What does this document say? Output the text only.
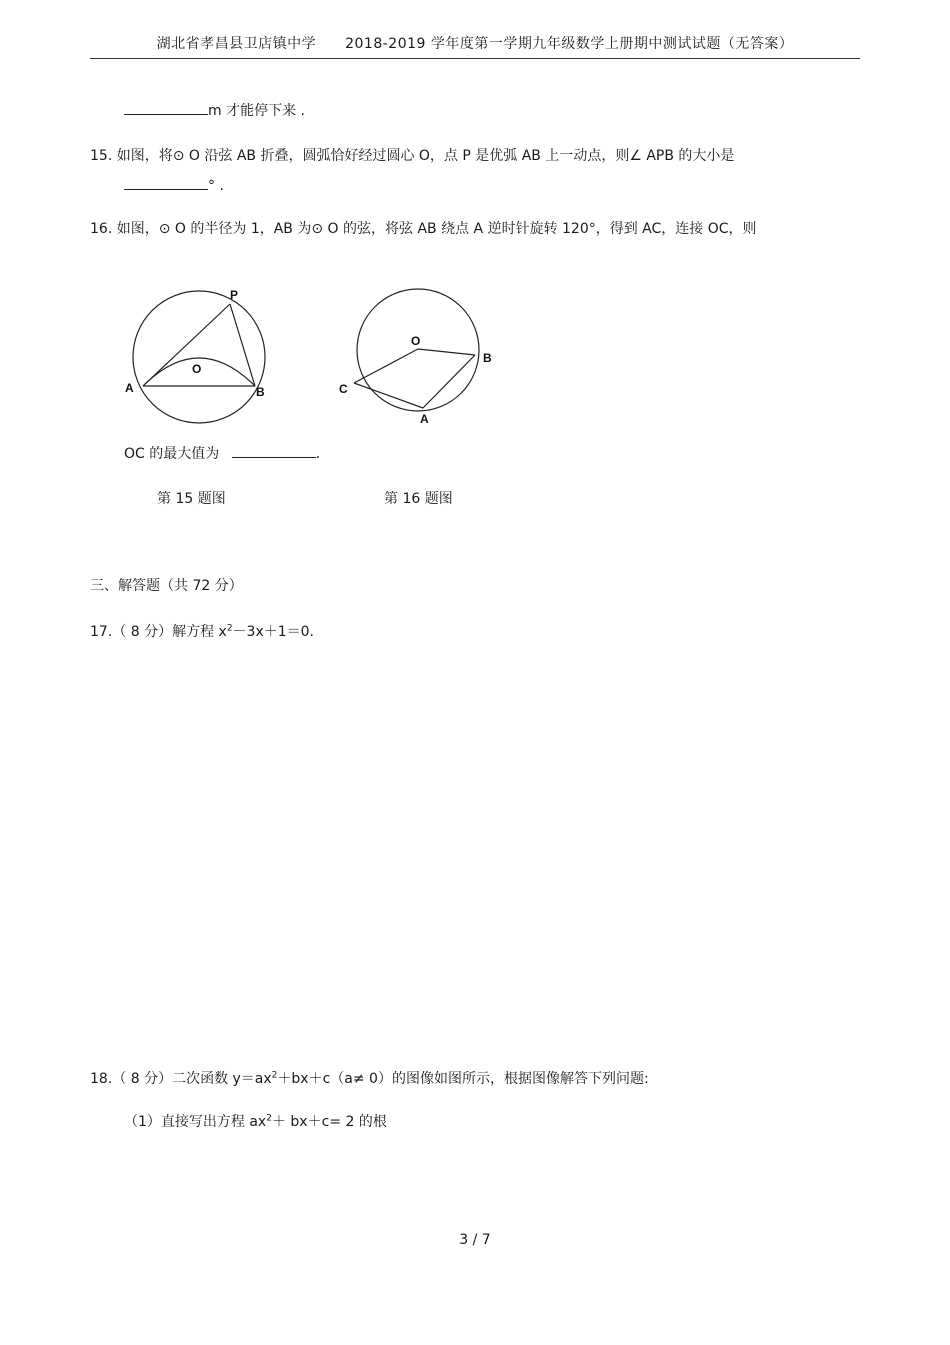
湖北省孝昌县卫店镇中学　　2018-2019 学年度第一学期九年级数学上册期中测试试题（无答案）
m 才能停下来 .
15. 如图，将⊙ O 沿弦 AB 折叠，圆弧恰好经过圆心 O，点 P 是优弧 AB 上一动点，则∠ APB 的大小是
° .
16. 如图，⊙ O 的半径为 1，AB 为⊙ O 的弦，将弦 AB 绕点 A 逆时针旋转 120°，得到 AC，连接 OC，则
P
O
A	B
O
B
C
A
OC 的最大值为	.
第 15 题图	第 16 题图
三、解答题（共 72 分）
17.（ 8 分）解方程 $x^2-3x+1=0$.
18.（ 8 分）二次函数 $y=ax^2+bx+c(a\ne 0)$的图像如图所示，根据图像解答下列问题:
（1）直接写出方程 $ax^2+ bx+c= 2$ 的根
3 / 7
